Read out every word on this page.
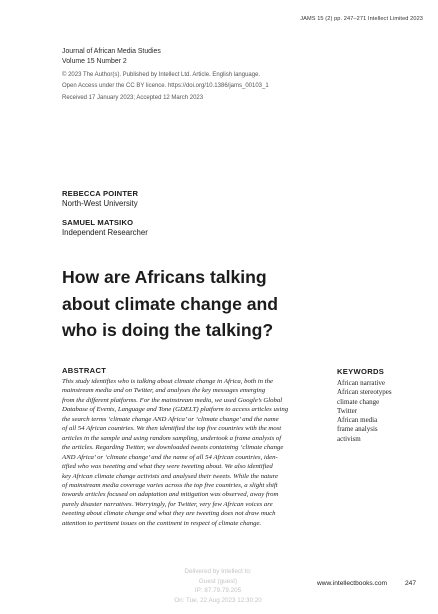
JAMS 15 (2) pp. 247–271 Intellect Limited 2023
Journal of African Media Studies
Volume 15 Number 2
© 2023 The Author(s). Published by Intellect Ltd. Article. English language.
Open Access under the CC BY licence. https://doi.org/10.1386/jams_00103_1
Received 17 January 2023; Accepted 12 March 2023
REBECCA POINTER
North-West University
SAMUEL MATSIKO
Independent Researcher
How are Africans talking
about climate change and
who is doing the talking?
ABSTRACT
This study identifies who is talking about climate change in Africa, both in the
mainstream media and on Twitter, and analyses the key messages emerging
from the different platforms. For the mainstream media, we used Google’s Global
Database of Events, Language and Tone (GDELT) platform to access articles using
the search terms ‘climate change AND Africa’ or ‘climate change’ and the name
of all 54 African countries. We then identified the top five countries with the most
articles in the sample and using random sampling, undertook a frame analysis of
the articles. Regarding Twitter, we downloaded tweets containing ‘climate change
AND Africa’ or ‘climate change’ and the name of all 54 African countries, iden-
tified who was tweeting and what they were tweeting about. We also identified
key African climate change activists and analysed their tweets. While the nature
of mainstream media coverage varies across the top five countries, a slight shift
towards articles focused on adaptation and mitigation was observed, away from
purely disaster narratives. Worryingly, for Twitter, very few African voices are
tweeting about climate change and what they are tweeting does not draw much
attention to pertinent issues on the continent in respect of climate change.
KEYWORDS
African narrative
African stereotypes
climate change
Twitter
African media
frame analysis
activism
Delivered by Intellect to:
Guest (guest)
IP: 87.79.79.205
On: Tue, 22 Aug 2023 12:30:20
www.intellectbooks.com	247
